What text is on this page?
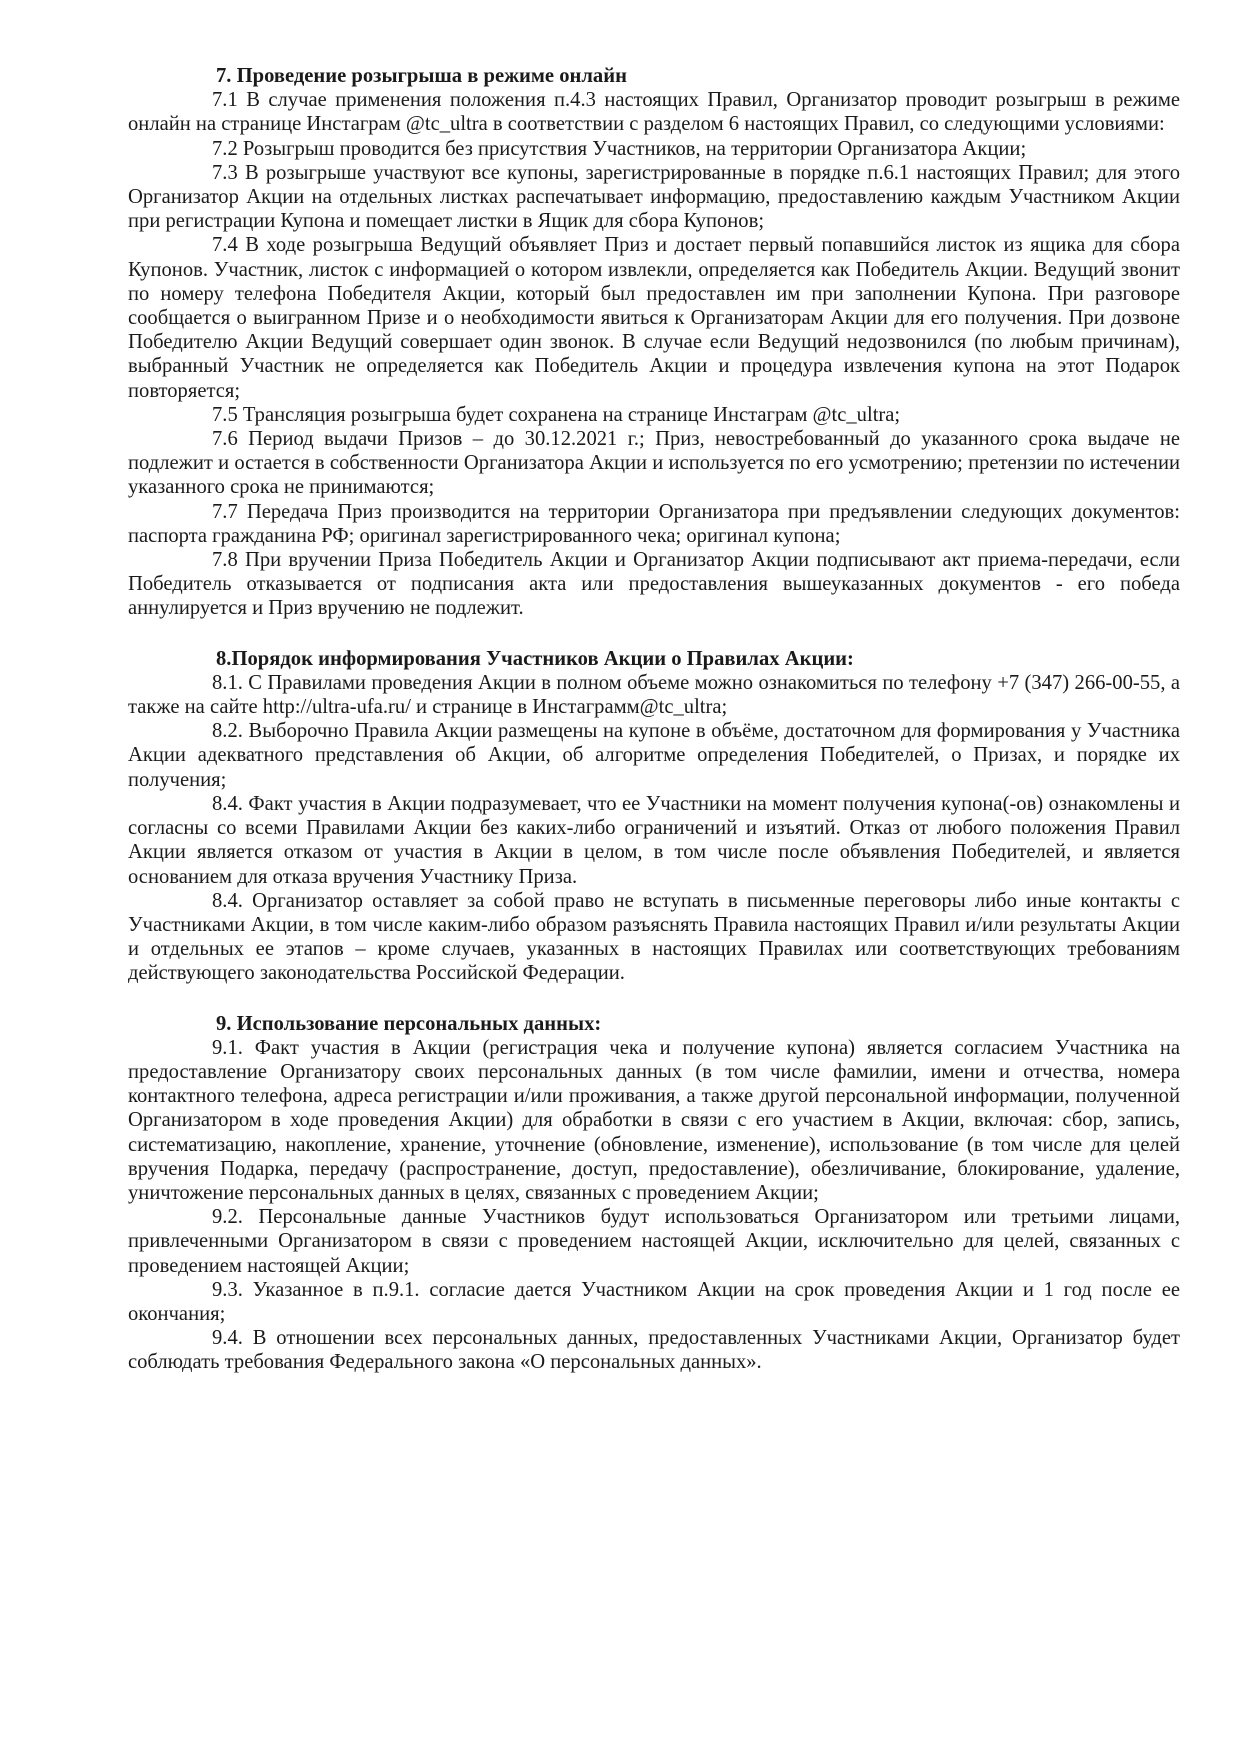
7. Проведение розыгрыша в режиме онлайн

7.1 В случае применения положения п.4.3 настоящих Правил, Организатор проводит розыгрыш в режиме онлайн на странице Инстаграм @tc_ultra в соответствии с разделом 6 настоящих Правил, со следующими условиями:

7.2 Розыгрыш проводится без присутствия Участников, на территории Организатора Акции;

7.3 В розыгрыше участвуют все купоны, зарегистрированные в порядке п.6.1 настоящих Правил; для этого Организатор Акции на отдельных листках распечатывает информацию, предоставлению каждым Участником Акции при регистрации Купона и помещает листки в Ящик для сбора Купонов;

7.4 В ходе розыгрыша Ведущий объявляет Приз и достает первый попавшийся листок из ящика для сбора Купонов. Участник, листок с информацией о котором извлекли, определяется как Победитель Акции. Ведущий звонит по номеру телефона Победителя Акции, который был предоставлен им при заполнении Купона. При разговоре сообщается о выигранном Призе и о необходимости явиться к Организаторам Акции для его получения. При дозвоне Победителю Акции Ведущий совершает один звонок. В случае если Ведущий недозвонился (по любым причинам), выбранный Участник не определяется как Победитель Акции и процедура извлечения купона на этот Подарок повторяется;

7.5 Трансляция розыгрыша будет сохранена на странице Инстаграм @tc_ultra;

7.6 Период выдачи Призов – до 30.12.2021 г.; Приз, невостребованный до указанного срока выдаче не подлежит и остается в собственности Организатора Акции и используется по его усмотрению; претензии по истечении указанного срока не принимаются;

7.7 Передача Приз производится на территории Организатора при предъявлении следующих документов: паспорта гражданина РФ; оригинал зарегистрированного чека; оригинал купона;

7.8 При вручении Приза Победитель Акции и Организатор Акции подписывают акт приема-передачи, если Победитель отказывается от подписания акта или предоставления вышеуказанных документов - его победа аннулируется и Приз вручению не подлежит.

8.Порядок информирования Участников Акции о Правилах Акции:

8.1. С Правилами проведения Акции в полном объеме можно ознакомиться по телефону +7 (347) 266-00-55, а также на сайте http://ultra-ufa.ru/ и странице в Инстаграмм@tc_ultra;

8.2. Выборочно Правила Акции размещены на купоне в объёме, достаточном для формирования у Участника Акции адекватного представления об Акции, об алгоритме определения Победителей, о Призах, и порядке их получения;

8.4. Факт участия в Акции подразумевает, что ее Участники на момент получения купона(-ов) ознакомлены и согласны со всеми Правилами Акции без каких-либо ограничений и изъятий. Отказ от любого положения Правил Акции является отказом от участия в Акции в целом, в том числе после объявления Победителей, и является основанием для отказа вручения Участнику Приза.

8.4. Организатор оставляет за собой право не вступать в письменные переговоры либо иные контакты с Участниками Акции, в том числе каким-либо образом разъяснять Правила настоящих Правил и/или результаты Акции и отдельных ее этапов – кроме случаев, указанных в настоящих Правилах или соответствующих требованиям действующего законодательства Российской Федерации.

9. Использование персональных данных:

9.1. Факт участия в Акции (регистрация чека и получение купона) является согласием Участника на предоставление Организатору своих персональных данных (в том числе фамилии, имени и отчества, номера контактного телефона, адреса регистрации и/или проживания, а также другой персональной информации, полученной Организатором в ходе проведения Акции) для обработки в связи с его участием в Акции, включая: сбор, запись, систематизацию, накопление, хранение, уточнение (обновление, изменение), использование (в том числе для целей вручения Подарка, передачу (распространение, доступ, предоставление), обезличивание, блокирование, удаление, уничтожение персональных данных в целях, связанных с проведением Акции;

9.2. Персональные данные Участников будут использоваться Организатором или третьими лицами, привлеченными Организатором в связи с проведением настоящей Акции, исключительно для целей, связанных с проведением настоящей Акции;

9.3. Указанное в п.9.1. согласие дается Участником Акции на срок проведения Акции и 1 год после ее окончания;

9.4. В отношении всех персональных данных, предоставленных Участниками Акции, Организатор будет соблюдать требования Федерального закона «О персональных данных».
